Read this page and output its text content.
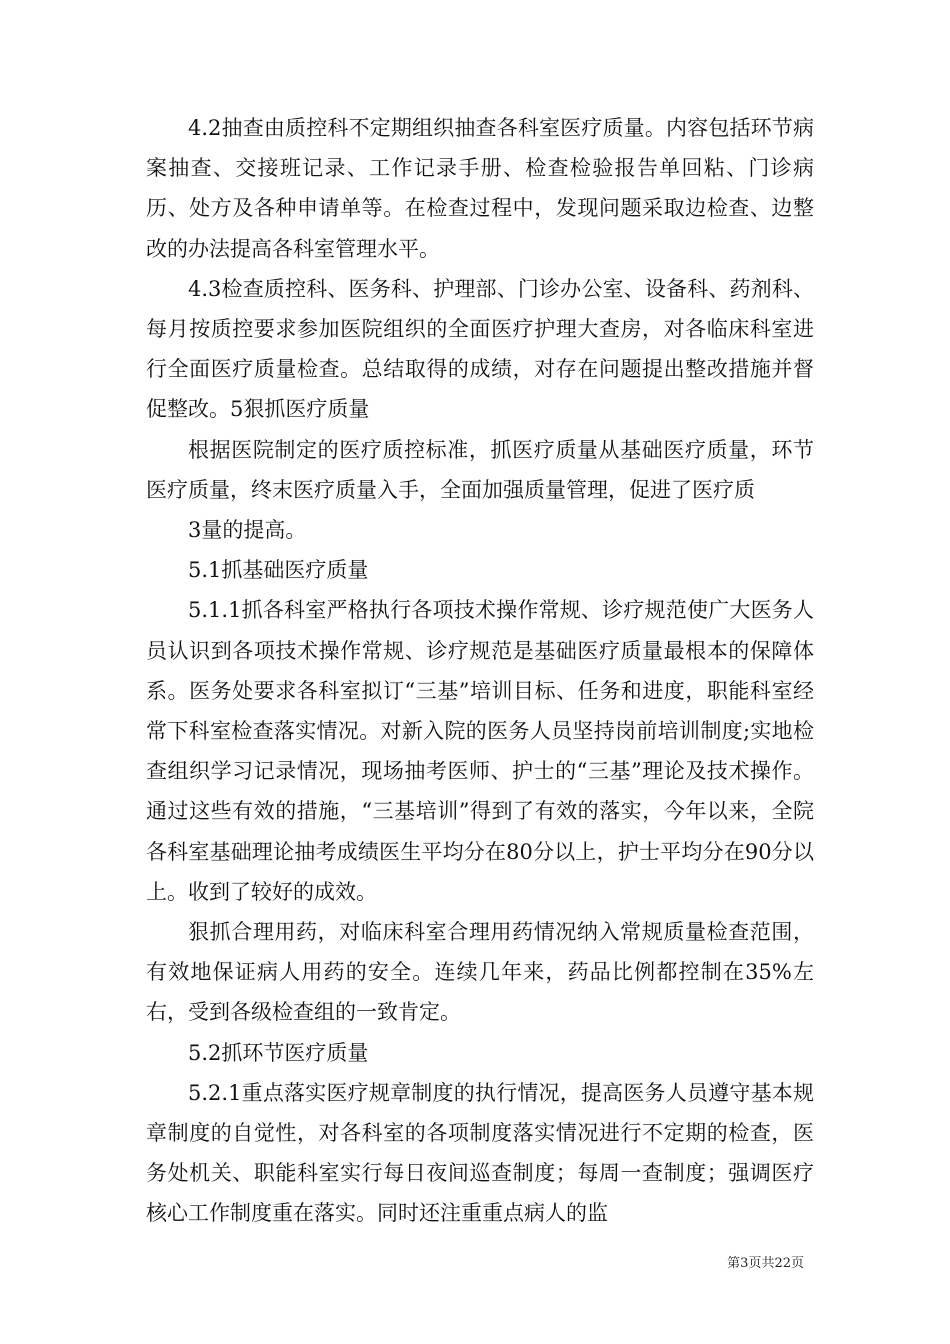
4.2抽查由质控科不定期组织抽查各科室医疗质量。内容包括环节病案抽查、交接班记录、工作记录手册、检查检验报告单回粘、门诊病历、处方及各种申请单等。在检查过程中，发现问题采取边检查、边整改的办法提高各科室管理水平。

4.3检查质控科、医务科、护理部、门诊办公室、设备科、药剂科、每月按质控要求参加医院组织的全面医疗护理大查房，对各临床科室进行全面医疗质量检查。总结取得的成绩，对存在问题提出整改措施并督促整改。5狠抓医疗质量

根据医院制定的医疗质控标准，抓医疗质量从基础医疗质量，环节医疗质量，终末医疗质量入手，全面加强质量管理，促进了医疗质

3量的提高。

5.1抓基础医疗质量

5.1.1抓各科室严格执行各项技术操作常规、诊疗规范使广大医务人员认识到各项技术操作常规、诊疗规范是基础医疗质量最根本的保障体系。医务处要求各科室拟订“三基”培训目标、任务和进度，职能科室经常下科室检查落实情况。对新入院的医务人员坚持岗前培训制度;实地检查组织学习记录情况，现场抽考医师、护士的“三基”理论及技术操作。通过这些有效的措施，“三基培训”得到了有效的落实，今年以来，全院各科室基础理论抽考成绩医生平均分在80分以上，护士平均分在90分以上。收到了较好的成效。

狠抓合理用药，对临床科室合理用药情况纳入常规质量检查范围，有效地保证病人用药的安全。连续几年来，药品比例都控制在35%左右，受到各级检查组的一致肯定。

5.2抓环节医疗质量

5.2.1重点落实医疗规章制度的执行情况，提高医务人员遵守基本规章制度的自觉性，对各科室的各项制度落实情况进行不定期的检查，医务处机关、职能科室实行每日夜间巡查制度；每周一查制度；强调医疗核心工作制度重在落实。同时还注重重点病人的监

第3页共22页
